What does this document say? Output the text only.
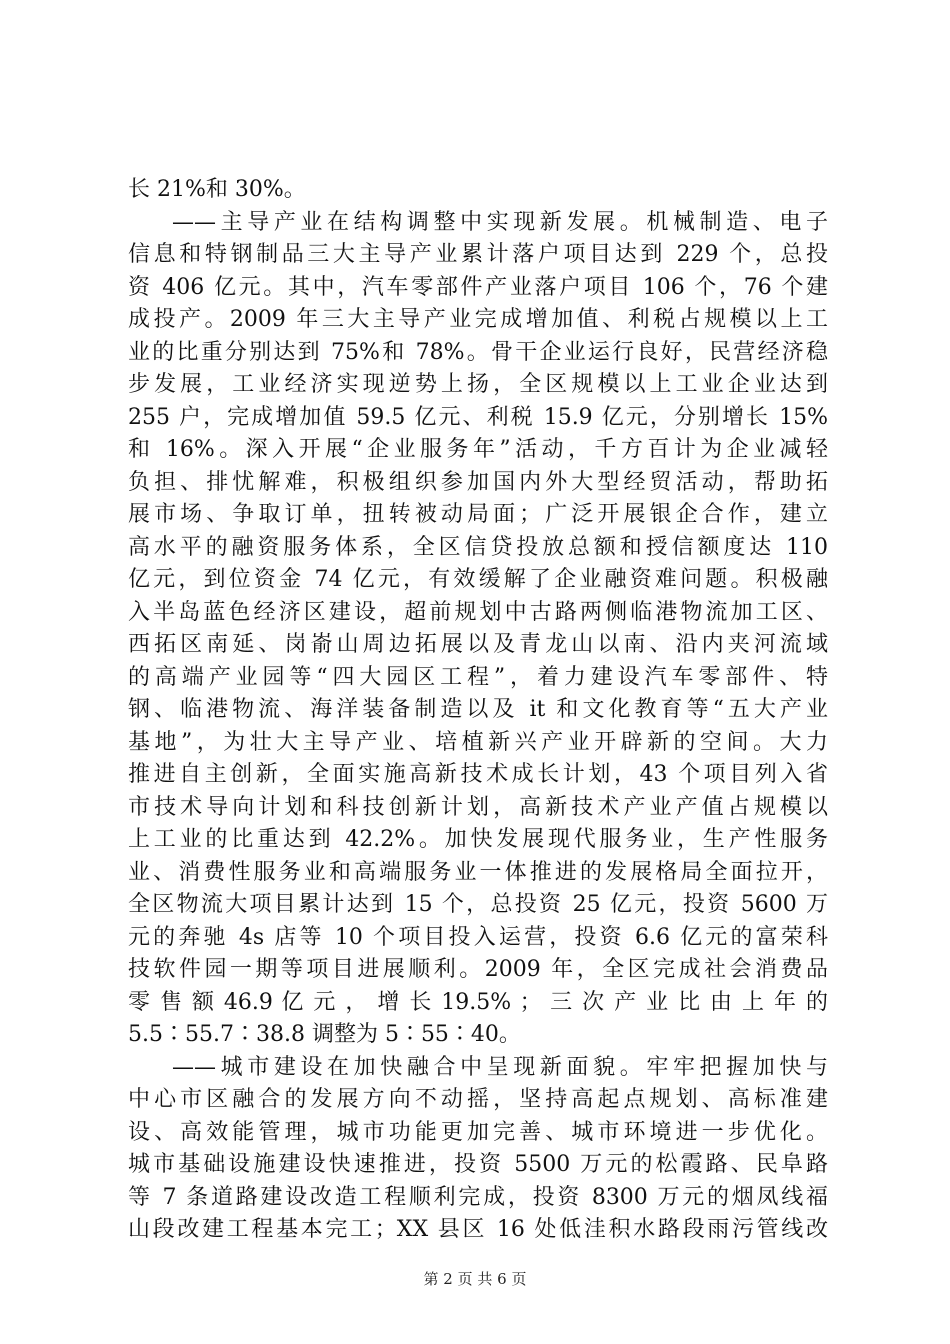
长 21%和 30%。
——主导产业在结构调整中实现新发展。机械制造、电子
信息和特钢制品三大主导产业累计落户项目达到 229 个，总投
资 406 亿元。其中，汽车零部件产业落户项目 106 个，76 个建
成投产。2009 年三大主导产业完成增加值、利税占规模以上工
业的比重分别达到 75%和 78%。骨干企业运行良好，民营经济稳
步发展，工业经济实现逆势上扬，全区规模以上工业企业达到
255 户，完成增加值 59.5 亿元、利税 15.9 亿元，分别增长 15%
和 16%。深入开展“企业服务年”活动，千方百计为企业减轻
负担、排忧解难，积极组织参加国内外大型经贸活动，帮助拓
展市场、争取订单，扭转被动局面；广泛开展银企合作，建立
高水平的融资服务体系，全区信贷投放总额和授信额度达 110
亿元，到位资金 74 亿元，有效缓解了企业融资难问题。积极融
入半岛蓝色经济区建设，超前规划中古路两侧临港物流加工区、
西拓区南延、岗嵛山周边拓展以及青龙山以南、沿内夹河流域
的高端产业园等“四大园区工程”，着力建设汽车零部件、特
钢、临港物流、海洋装备制造以及 it 和文化教育等“五大产业
基地”，为壮大主导产业、培植新兴产业开辟新的空间。大力
推进自主创新，全面实施高新技术成长计划，43 个项目列入省
市技术导向计划和科技创新计划，高新技术产业产值占规模以
上工业的比重达到 42.2%。加快发展现代服务业，生产性服务
业、消费性服务业和高端服务业一体推进的发展格局全面拉开，
全区物流大项目累计达到 15 个，总投资 25 亿元，投资 5600 万
元的奔驰 4s 店等 10 个项目投入运营，投资 6.6 亿元的富荣科
技软件园一期等项目进展顺利。2009 年，全区完成社会消费品
零 售 额 46.9 亿 元 ， 增 长 19.5% ； 三 次 产 业 比 由 上 年 的
5.5∶55.7∶38.8 调整为 5∶55∶40。
——城市建设在加快融合中呈现新面貌。牢牢把握加快与
中心市区融合的发展方向不动摇，坚持高起点规划、高标准建
设、高效能管理，城市功能更加完善、城市环境进一步优化。
城市基础设施建设快速推进，投资 5500 万元的松霞路、民阜路
等 7 条道路建设改造工程顺利完成，投资 8300 万元的烟凤线福
山段改建工程基本完工；XX 县区 16 处低洼积水路段雨污管线改
第 2 页 共 6 页
